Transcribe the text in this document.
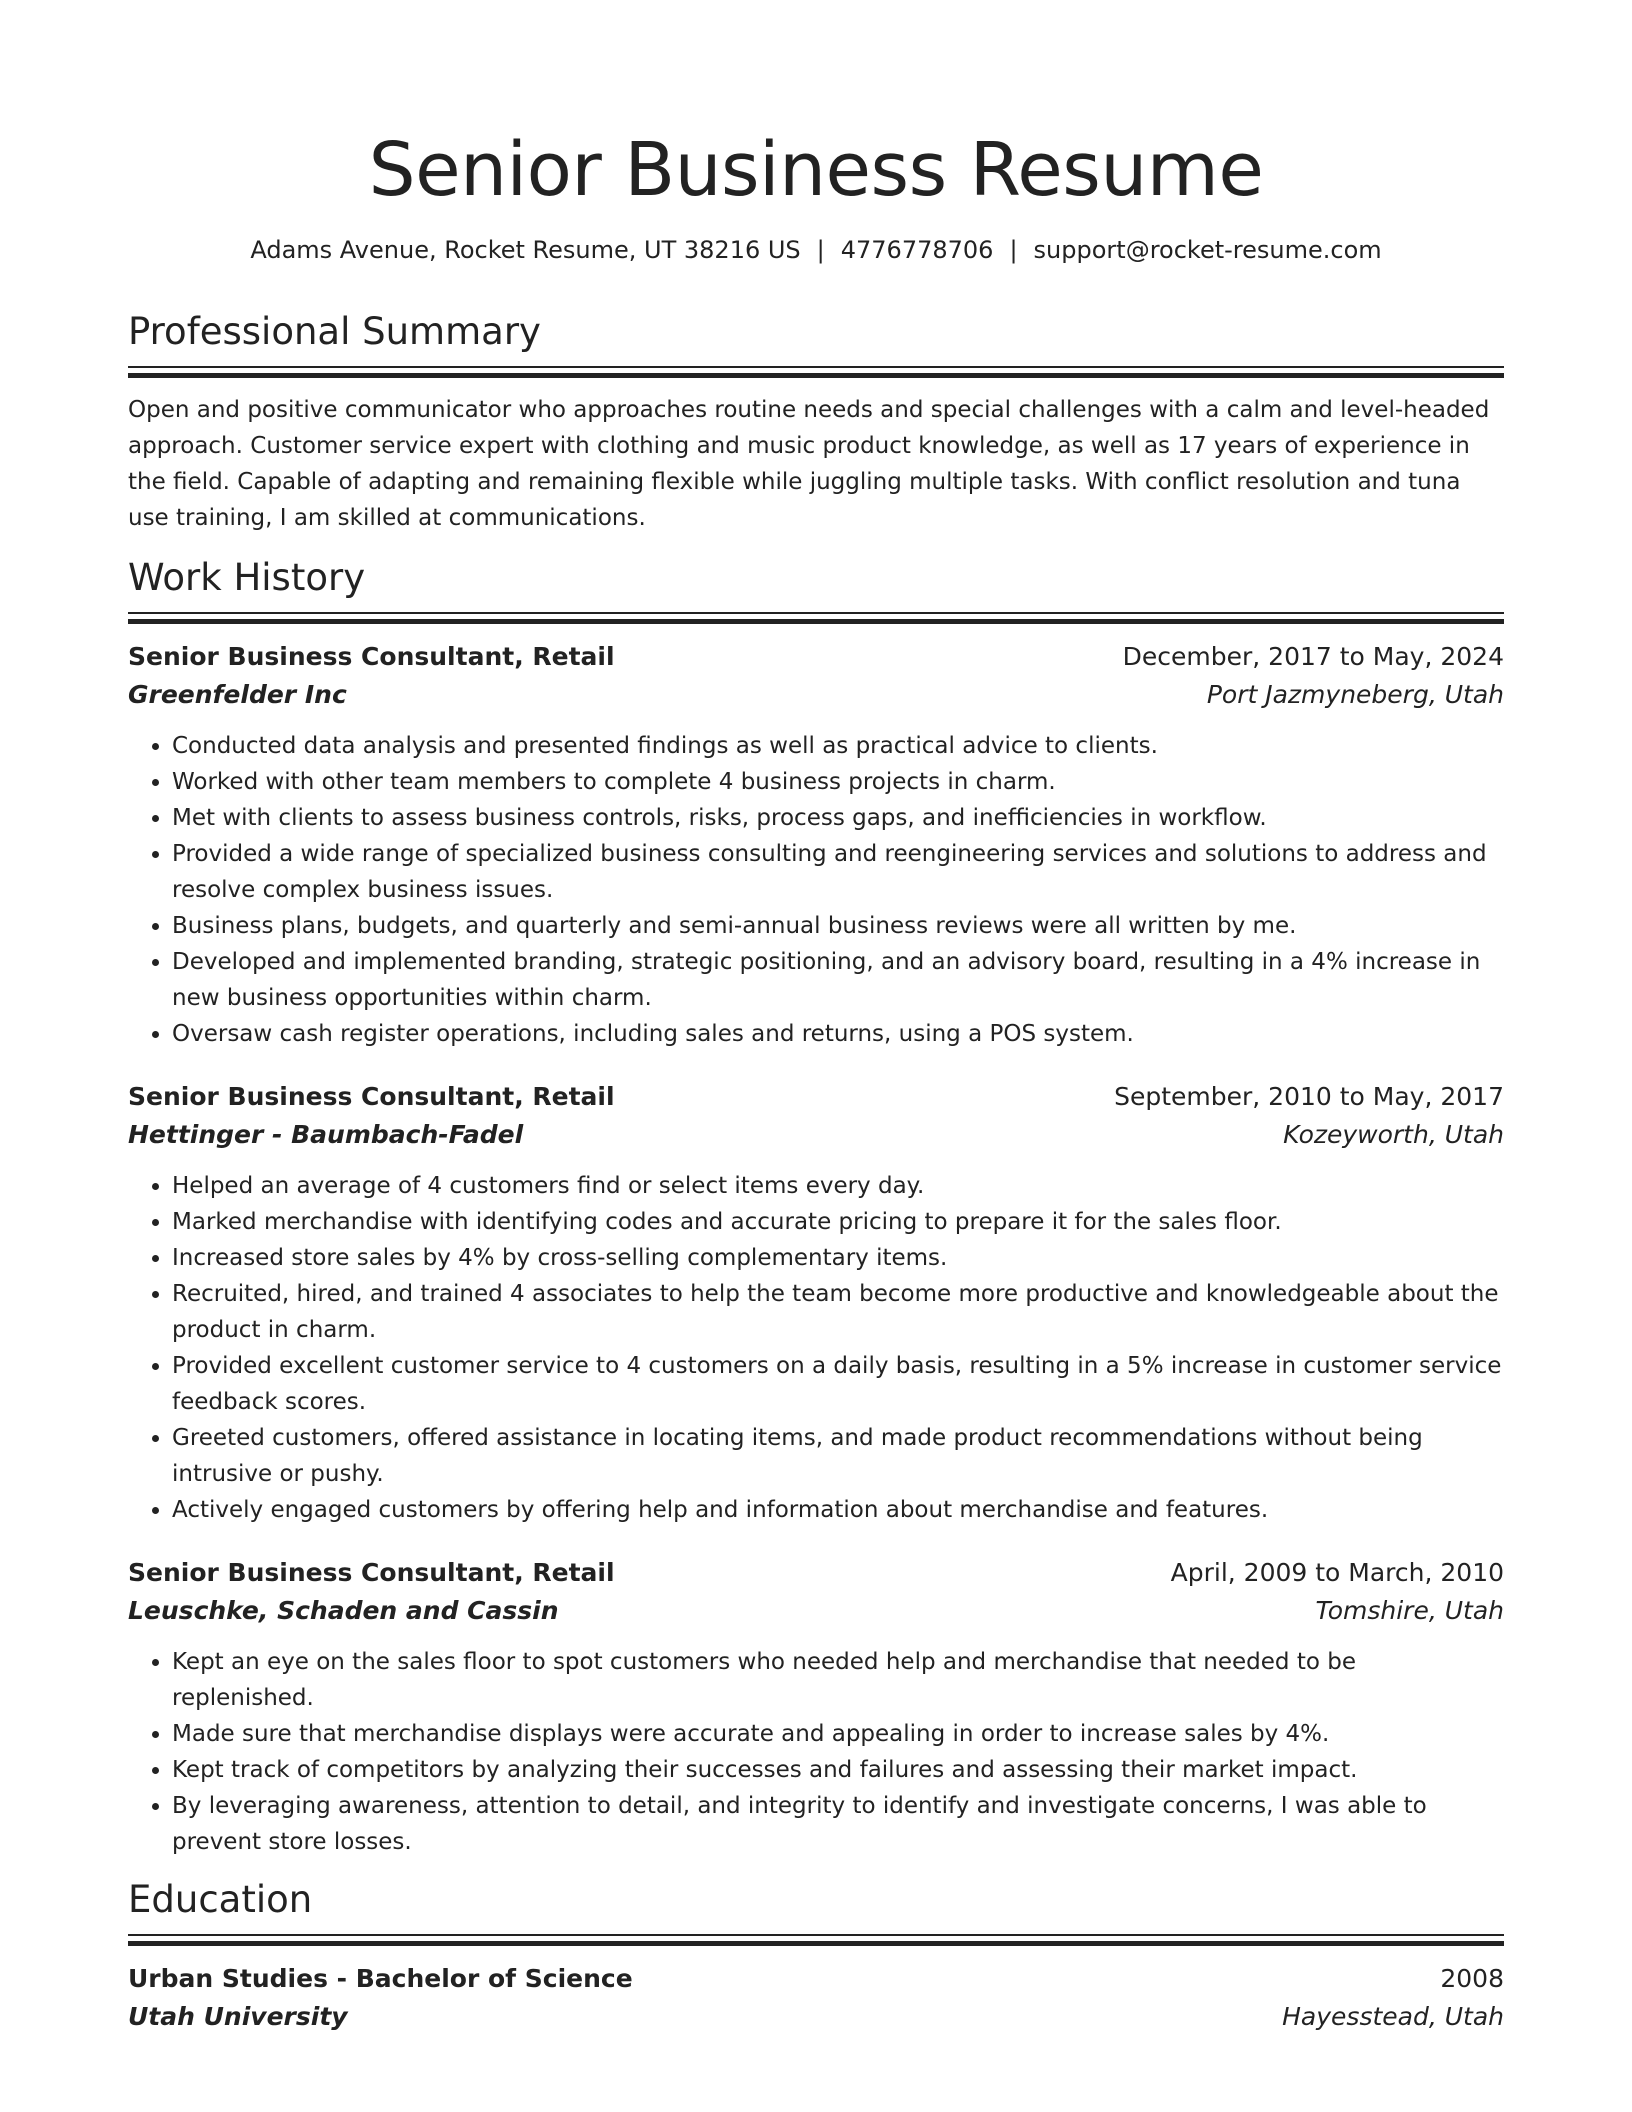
Senior Business Resume
Adams Avenue, Rocket Resume, UT 38216 US | 4776778706 | support@rocket-resume.com
Professional Summary

Open and positive communicator who approaches routine needs and special challenges with a calm and level-headed approach. Customer service expert with clothing and music product knowledge, as well as 17 years of experience in the field. Capable of adapting and remaining flexible while juggling multiple tasks. With conflict resolution and tuna use training, I am skilled at communications.

Work History
Senior Business Consultant, Retail	December, 2017 to May, 2024
Greenfelder Inc	Port Jazmyneberg, Utah
• Conducted data analysis and presented findings as well as practical advice to clients.
• Worked with other team members to complete 4 business projects in charm.
• Met with clients to assess business controls, risks, process gaps, and inefficiencies in workflow.
• Provided a wide range of specialized business consulting and reengineering services and solutions to address and resolve complex business issues.
• Business plans, budgets, and quarterly and semi-annual business reviews were all written by me.
• Developed and implemented branding, strategic positioning, and an advisory board, resulting in a 4% increase in new business opportunities within charm.
• Oversaw cash register operations, including sales and returns, using a POS system.
Senior Business Consultant, Retail	September, 2010 to May, 2017
Hettinger - Baumbach-Fadel	Kozeyworth, Utah
• Helped an average of 4 customers find or select items every day.
• Marked merchandise with identifying codes and accurate pricing to prepare it for the sales floor.
• Increased store sales by 4% by cross-selling complementary items.
• Recruited, hired, and trained 4 associates to help the team become more productive and knowledgeable about the product in charm.
• Provided excellent customer service to 4 customers on a daily basis, resulting in a 5% increase in customer service feedback scores.
• Greeted customers, offered assistance in locating items, and made product recommendations without being intrusive or pushy.
• Actively engaged customers by offering help and information about merchandise and features.
Senior Business Consultant, Retail	April, 2009 to March, 2010
Leuschke, Schaden and Cassin	Tomshire, Utah
• Kept an eye on the sales floor to spot customers who needed help and merchandise that needed to be replenished.
• Made sure that merchandise displays were accurate and appealing in order to increase sales by 4%.
• Kept track of competitors by analyzing their successes and failures and assessing their market impact.
• By leveraging awareness, attention to detail, and integrity to identify and investigate concerns, I was able to prevent store losses.
Education
Urban Studies - Bachelor of Science	2008
Utah University	Hayesstead, Utah
